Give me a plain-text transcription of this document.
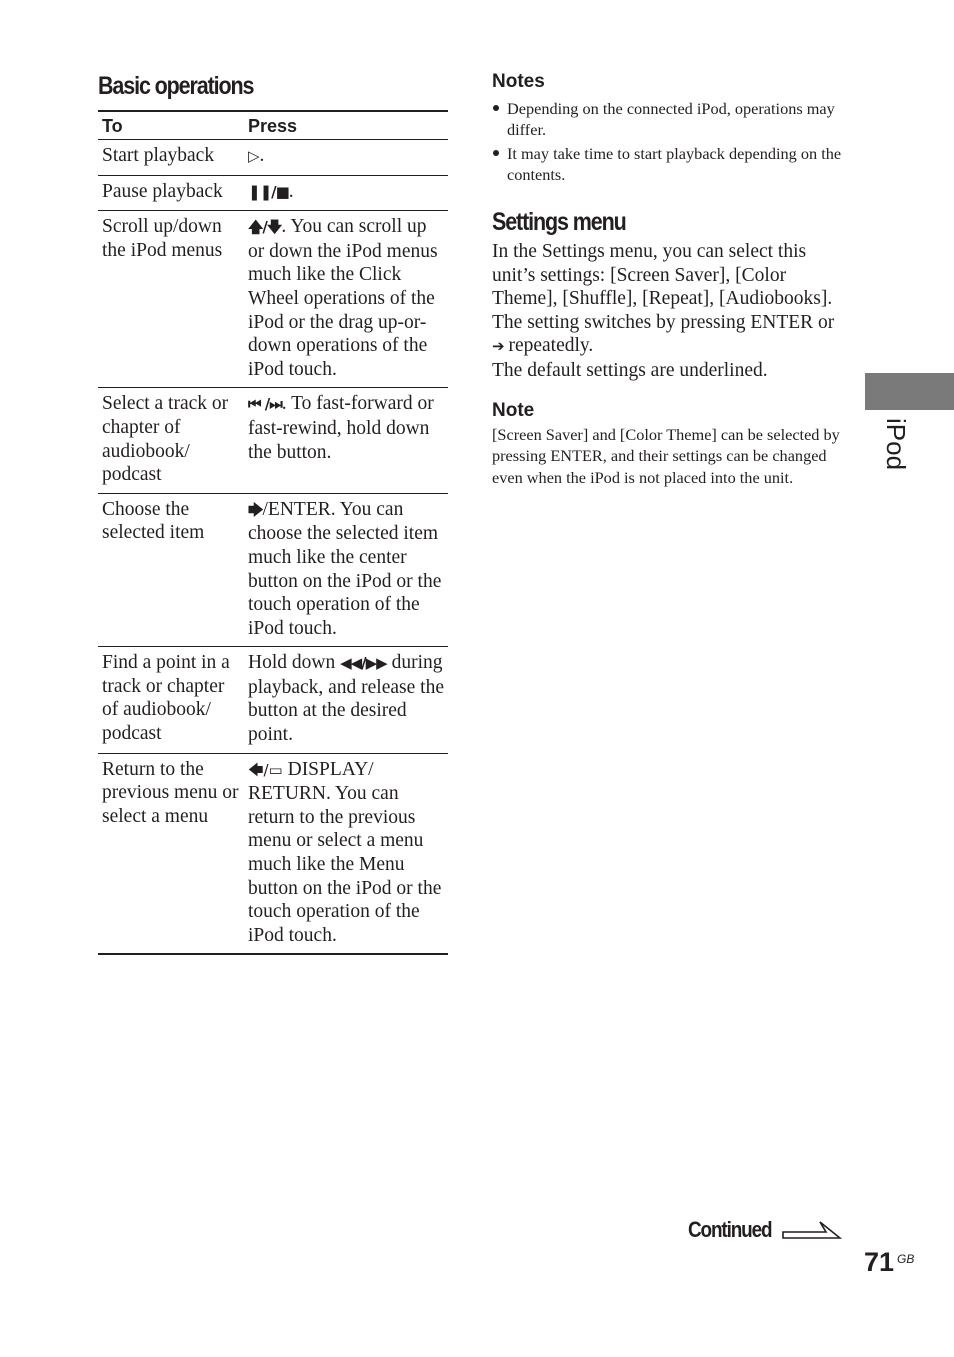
Basic operations
To	Press
Start playback	▷.
Pause playback	❚❚/■.
Scroll up/down the iPod menus	🡅/🡇. You can scroll up or down the iPod menus much like the Click Wheel operations of the iPod or the drag up-or-down operations of the iPod touch.
Select a track or chapter of audiobook/ podcast	⏮ /⏭. To fast-forward or fast-rewind, hold down the button.
Choose the selected item	🡆/ENTER. You can choose the selected item much like the center button on the iPod or the touch operation of the iPod touch.
Find a point in a track or chapter of audiobook/ podcast	Hold down ◀◀/▶▶ during playback, and release the button at the desired point.
Return to the previous menu or select a menu	🡄/▭ DISPLAY/ RETURN. You can return to the previous menu or select a menu much like the Menu button on the iPod or the touch operation of the iPod touch.
Notes
Depending on the connected iPod, operations may differ.
It may take time to start playback depending on the contents.
Settings menu

In the Settings menu, you can select this unit’s settings: [Screen Saver], [Color Theme], [Shuffle], [Repeat], [Audiobooks]. The setting switches by pressing ENTER or ➔ repeatedly.

The default settings are underlined.

Note

[Screen Saver] and [Color Theme] can be selected by pressing ENTER, and their settings can be changed even when the iPod is not placed into the unit.

iPod
Continued
71 GB
